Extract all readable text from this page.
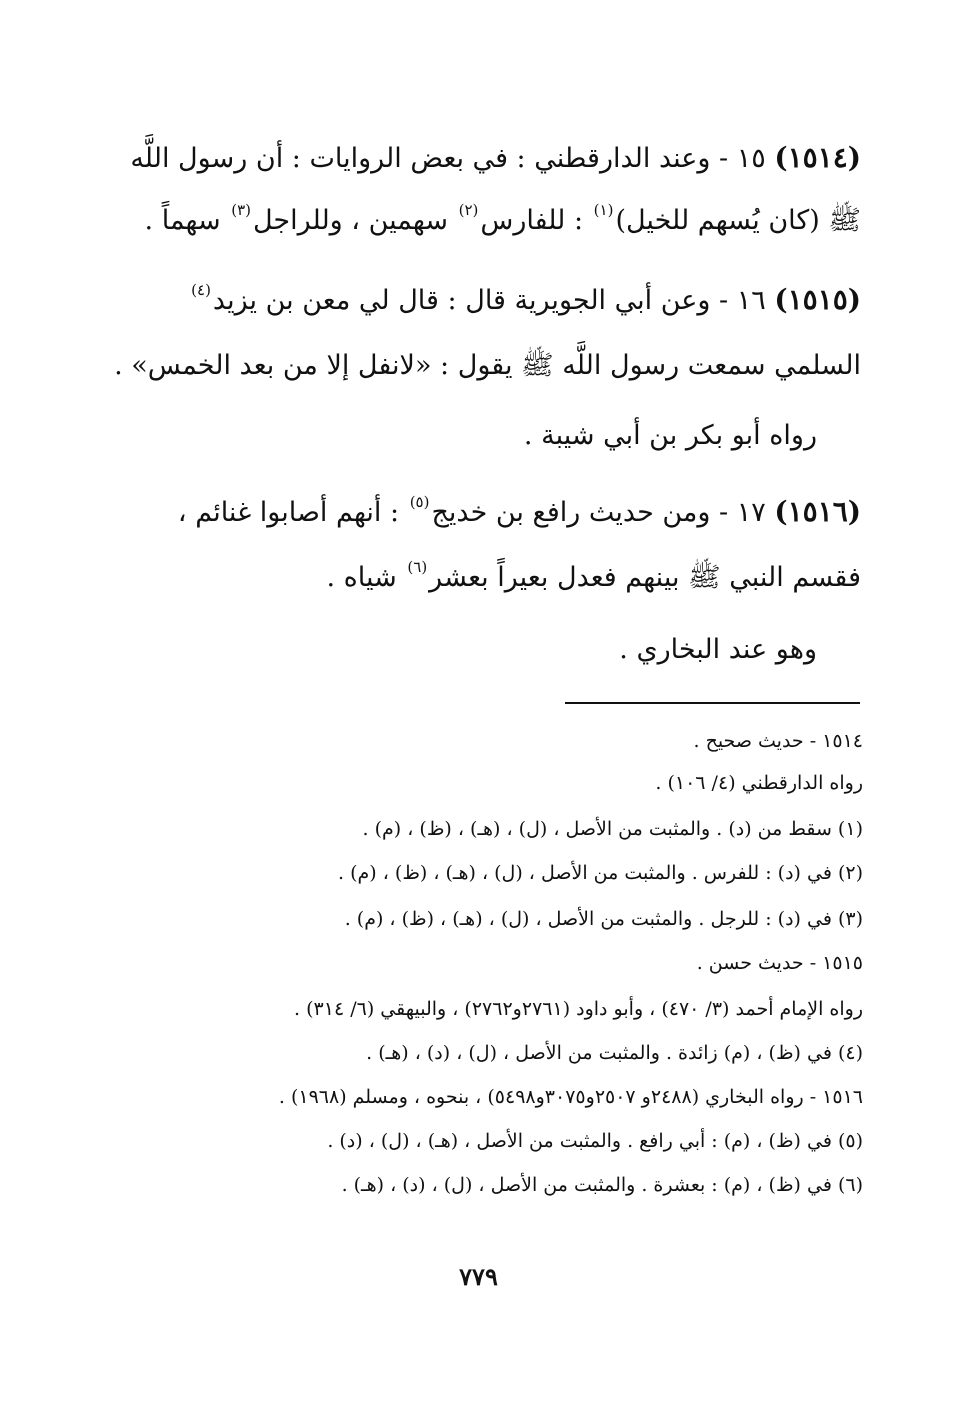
(١٥١٤) ١٥ - وعند الدارقطني : في بعض الروايات : أن رسول اللَّه
ﷺ (كان يُسهم للخيل)$^{(١)}$ : للفارس$^{(٢)}$ سهمين ، وللراجل$^{(٣)}$ سهماً .
(١٥١٥) ١٦ - وعن أبي الجويرية قال : قال لي معن بن يزيد$^{(٤)}$
السلمي سمعت رسول اللَّه ﷺ يقول : «لانفل إلا من بعد الخمس» .
رواه أبو بكر بن أبي شيبة .
(١٥١٦) ١٧ - ومن حديث رافع بن خديج$^{(٥)}$ : أنهم أصابوا غنائم ،
فقسم النبي ﷺ بينهم فعدل بعيراً بعشر$^{(٦)}$ شياه .
وهو عند البخاري .
١٥١٤ - حديث صحيح .
رواه الدارقطني (٤/ ١٠٦) .
(١) سقط من (د) . والمثبت من الأصل ، (ل) ، (هـ) ، (ظ) ، (م) .
(٢) في (د) : للفرس . والمثبت من الأصل ، (ل) ، (هـ) ، (ظ) ، (م) .
(٣) في (د) : للرجل . والمثبت من الأصل ، (ل) ، (هـ) ، (ظ) ، (م) .
١٥١٥ - حديث حسن .
رواه الإمام أحمد (٣/ ٤٧٠) ، وأبو داود (٢٧٦١و٢٧٦٢) ، والبيهقي (٦/ ٣١٤) .
(٤) في (ظ) ، (م) زائدة . والمثبت من الأصل ، (ل) ، (د) ، (هـ) .
١٥١٦ - رواه البخاري (٢٤٨٨و ٢٥٠٧و٣٠٧٥و٥٤٩٨) ، بنحوه ، ومسلم (١٩٦٨) .
(٥) في (ظ) ، (م) : أبي رافع . والمثبت من الأصل ، (هـ) ، (ل) ، (د) .
(٦) في (ظ) ، (م) : بعشرة . والمثبت من الأصل ، (ل) ، (د) ، (هـ) .
٧٧٩
